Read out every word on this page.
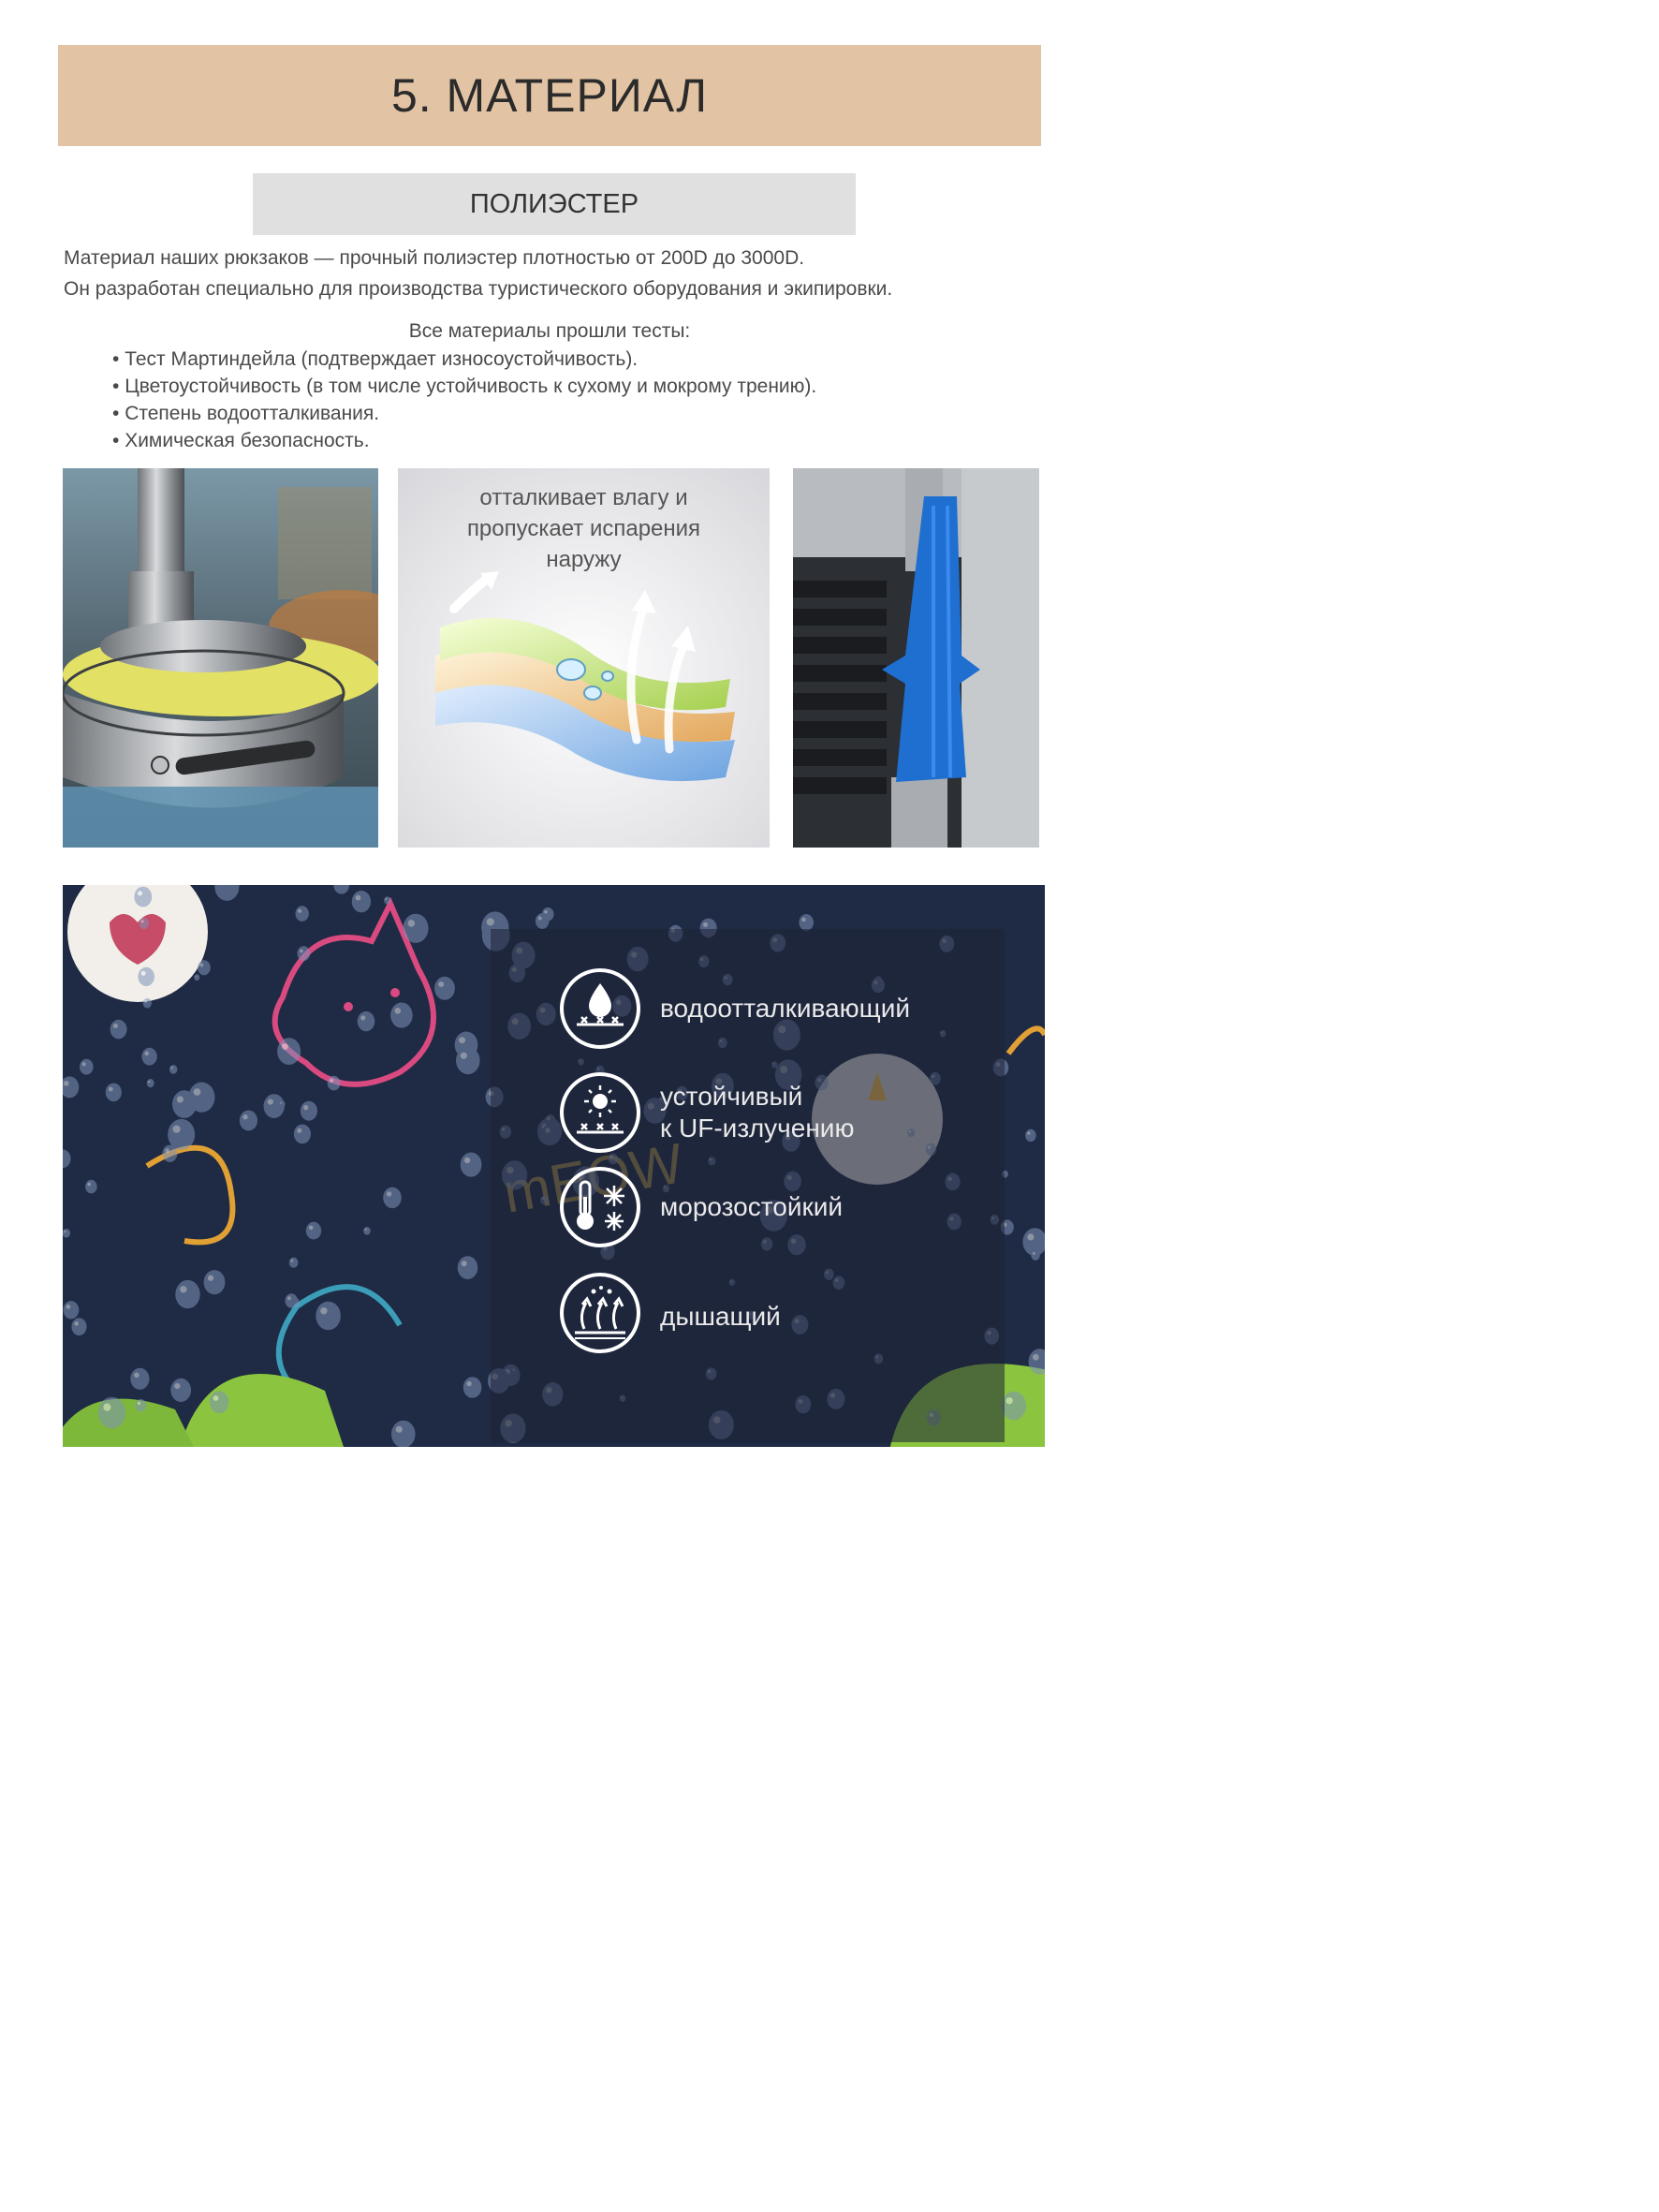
5. МАТЕРИАЛ
ПОЛИЭСТЕР
Материал наших рюкзаков — прочный полиэстер плотностью от 200D до 3000D.
Он разработан специально для производства туристического оборудования и экипировки.
Все материалы прошли тесты:
• Тест Мартиндейла (подтверждает износоустойчивость).
• Цветоустойчивость (в том числе устойчивость к сухому и мокрому трению).
• Степень водоотталкивания.
• Химическая безопасность.
отталкивает влагу и
пропускает испарения
наружу
водоотталкивающий
устойчивый
к UF-излучению
морозостойкий
дышащий
